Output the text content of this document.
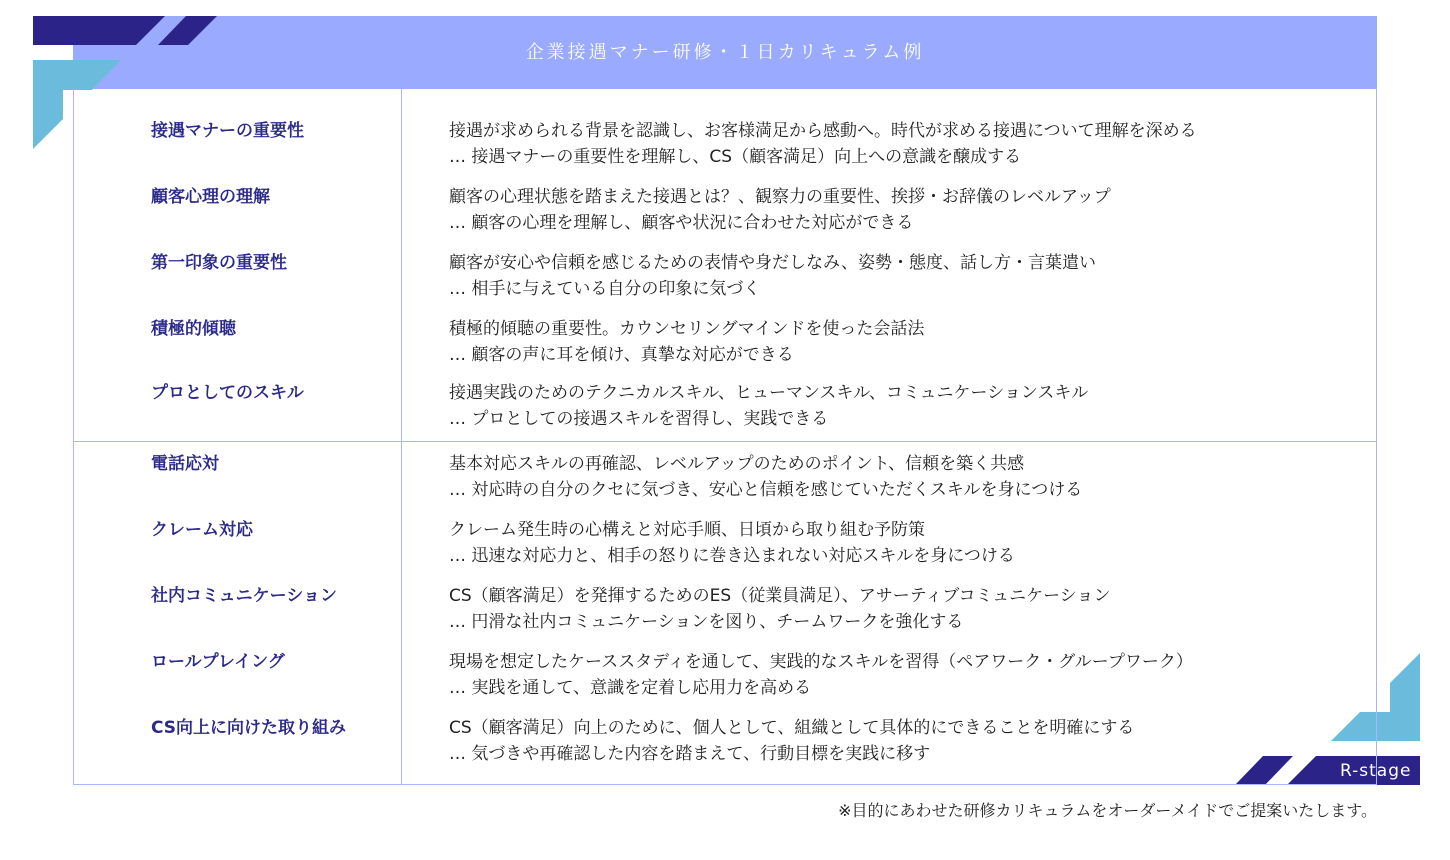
企業接遇マナー研修・１日カリキュラム例
接遇マナーの重要性	接遇が求められる背景を認識し、お客様満足から感動へ。時代が求める接遇について理解を深める
… 接遇マナーの重要性を理解し、CS（顧客満足）向上への意識を醸成する
顧客心理の理解	顧客の心理状態を踏まえた接遇とは？、観察力の重要性、挨拶・お辞儀のレベルアップ
… 顧客の心理を理解し、顧客や状況に合わせた対応ができる
第一印象の重要性	顧客が安心や信頼を感じるための表情や身だしなみ、姿勢・態度、話し方・言葉遣い
… 相手に与えている自分の印象に気づく
積極的傾聴	積極的傾聴の重要性。カウンセリングマインドを使った会話法
… 顧客の声に耳を傾け、真摯な対応ができる
プロとしてのスキル	接遇実践のためのテクニカルスキル、ヒューマンスキル、コミュニケーションスキル
… プロとしての接遇スキルを習得し、実践できる
電話応対	基本対応スキルの再確認、レベルアップのためのポイント、信頼を築く共感
… 対応時の自分のクセに気づき、安心と信頼を感じていただくスキルを身につける
クレーム対応	クレーム発生時の心構えと対応手順、日頃から取り組む予防策
… 迅速な対応力と、相手の怒りに巻き込まれない対応スキルを身につける
社内コミュニケーション	CS（顧客満足）を発揮するためのES（従業員満足）、アサーティブコミュニケーション
… 円滑な社内コミュニケーションを図り、チームワークを強化する
ロールプレイング	現場を想定したケーススタディを通して、実践的なスキルを習得（ペアワーク・グループワーク）
… 実践を通して、意識を定着し応用力を高める
CS向上に向けた取り組み	CS（顧客満足）向上のために、個人として、組織として具体的にできることを明確にする
… 気づきや再確認した内容を踏まえて、行動目標を実践に移す
※目的にあわせた研修カリキュラムをオーダーメイドでご提案いたします。
R-stage
